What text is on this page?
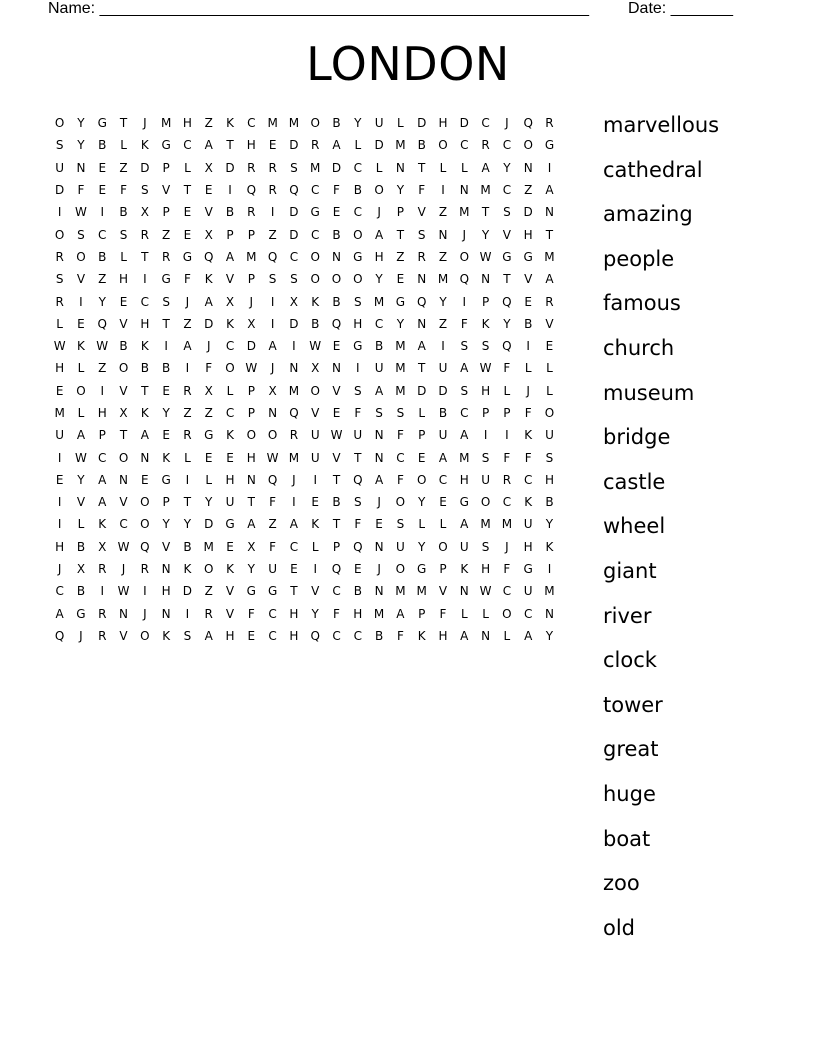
Name: _______________________________________________________ Date: _______
LONDON
O	Y	G	T	J	M H	Z	K	C M M O	B	Y	U	L	D	H	D	C	J	Q	R
S	Y	B	L	K	G	C	A	T	H	E	D	R	A	L	D M	B	O	C	R	C	O G
U	N	E	Z	D	P	L	X	D	R	R	S	M D	C	L	N	T	L	L	A	Y	N	I
D	F	E	F	S	V	T	E	I	Q	R	Q	C	F	B	O	Y	F	I	N M C	Z	A
I	W	I	B	X	P	E	V	B	R	I	D	G	E	C	J	P	V	Z	M	T	S	D	N
O	S	C	S	R	Z	E	X	P	P	Z	D	C	B	O	A	T	S	N	J	Y	V	H	T
R	O	B	L	T	R	G Q	A	M Q	C	O	N	G	H	Z	R	Z	O W G G M
S	V	Z	H	I	G	F	K	V	P	S	S	O O O	Y	E	N M Q	N	T	V	A
R	I	Y	E	C	S	J	A	X	J	I	X	K	B	S	M G Q	Y	I	P	Q	E	R
L	E	Q	V	H	T	Z	D	K	X	I	D	B	Q	H	C	Y	N	Z	F	K	Y	B	V
W K W B	K	I	A	J	C	D	A	I	W E	G	B	M	A	I	S	S	Q	I	E
H	L	Z	O	B	B	I	F	O W	J	N	X	N	I	U M	T	U	A W F	L	L
E	O	I	V	T	E	R	X	L	P	X	M O	V	S	A	M D	D	S	H	L	J	L
M	L	H	X	K	Y	Z	Z	C	P	N	Q	V	E	F	S	S	L	B	C	P	P	F	O
U	A	P	T	A	E	R	G	K	O O	R	U W U	N	F	P	U	A	I	I	K	U
I	W C	O	N	K	L	E	E	H W M U	V	T	N	C	E	A	M	S	F	F	S
E	Y	A	N	E	G	I	L	H	N	Q	J	I	T	Q	A	F	O	C	H	U	R	C	H
I	V	A	V	O	P	T	Y	U	T	F	I	E	B	S	J	O	Y	E	G O	C	K	B
I	L	K	C	O	Y	Y	D	G	A	Z	A	K	T	F	E	S	L	L	A	M M U	Y
H	B	X W Q	V	B	M	E	X	F	C	L	P	Q	N	U	Y	O	U	S	J	H	K
J	X	R	J	R	N	K	O	K	Y	U	E	I	Q	E	J	O G	P	K	H	F	G	I
C	B	I	W	I	H	D	Z	V	G G	T	V	C	B	N M M	V	N W C	U M
A	G	R	N	J	N	I	R	V	F	C	H	Y	F	H M	A	P	F	L	L	O	C	N
Q	J	R	V	O	K	S	A	H	E	C	H	Q	C	C	B	F	K	H	A	N	L	A	Y
marvellous
cathedral
amazing
people
famous
church
museum
bridge
castle
wheel
giant
river
clock
tower
great
huge
boat
zoo
old
